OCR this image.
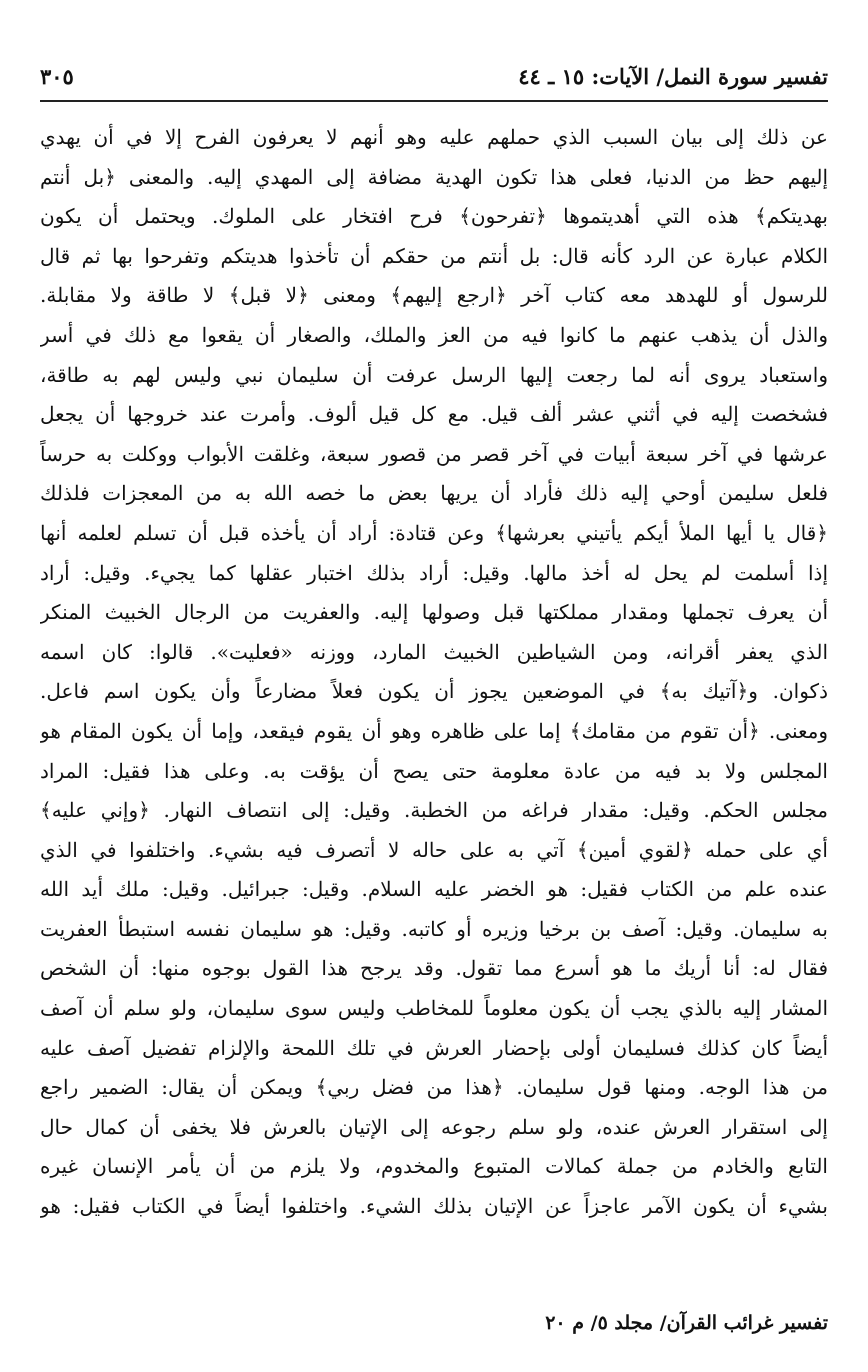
تفسير سورة النمل/ الآيات: ١٥ ـ ٤٤
٣٠٥
عن ذلك إلى بيان السبب الذي حملهم عليه وهو أنهم لا يعرفون الفرح إلا في أن يهدي
إليهم حظ من الدنيا، فعلى هذا تكون الهدية مضافة إلى المهدي إليه. والمعنى ﴿بل أنتم
بهديتكم﴾ هذه التي أهديتموها ﴿تفرحون﴾ فرح افتخار على الملوك. ويحتمل أن يكون
الكلام عبارة عن الرد كأنه قال: بل أنتم من حقكم أن تأخذوا هديتكم وتفرحوا بها ثم قال
للرسول أو للهدهد معه كتاب آخر ﴿ارجع إليهم﴾ ومعنى ﴿لا قبل﴾ لا طاقة ولا مقابلة.
والذل أن يذهب عنهم ما كانوا فيه من العز والملك، والصغار أن يقعوا مع ذلك في أسر
واستعباد يروى أنه لما رجعت إليها الرسل عرفت أن سليمان نبي وليس لهم به طاقة،
فشخصت إليه في أثني عشر ألف قيل. مع كل قيل ألوف. وأمرت عند خروجها أن يجعل
عرشها في آخر سبعة أبيات في آخر قصر من قصور سبعة، وغلقت الأبواب ووكلت به حرساً
فلعل سليمن أوحي إليه ذلك فأراد أن يريها بعض ما خصه الله به من المعجزات فلذلك
﴿قال يا أيها الملأ أيكم يأتيني بعرشها﴾ وعن قتادة: أراد أن يأخذه قبل أن تسلم لعلمه أنها
إذا أسلمت لم يحل له أخذ مالها. وقيل: أراد بذلك اختبار عقلها كما يجيء. وقيل: أراد
أن يعرف تجملها ومقدار مملكتها قبل وصولها إليه. والعفريت من الرجال الخبيث المنكر
الذي يعفر أقرانه، ومن الشياطين الخبيث المارد، ووزنه «فعليت». قالوا: كان اسمه
ذكوان. و﴿آتيك به﴾ في الموضعين يجوز أن يكون فعلاً مضارعاً وأن يكون اسم فاعل.
ومعنى. ﴿أن تقوم من مقامك﴾ إما على ظاهره وهو أن يقوم فيقعد، وإما أن يكون المقام هو
المجلس ولا بد فيه من عادة معلومة حتى يصح أن يؤقت به. وعلى هذا فقيل: المراد
مجلس الحكم. وقيل: مقدار فراغه من الخطبة. وقيل: إلى انتصاف النهار. ﴿وإني عليه﴾
أي على حمله ﴿لقوي أمين﴾ آتي به على حاله لا أتصرف فيه بشيء. واختلفوا في الذي
عنده علم من الكتاب فقيل: هو الخضر عليه السلام. وقيل: جبرائيل. وقيل: ملك أيد الله
به سليمان. وقيل: آصف بن برخيا وزيره أو كاتبه. وقيل: هو سليمان نفسه استبطأ العفريت
فقال له: أنا أريك ما هو أسرع مما تقول. وقد يرجح هذا القول بوجوه منها: أن الشخص
المشار إليه بالذي يجب أن يكون معلوماً للمخاطب وليس سوى سليمان، ولو سلم أن آصف
أيضاً كان كذلك فسليمان أولى بإحضار العرش في تلك اللمحة والإلزام تفضيل آصف عليه
من هذا الوجه. ومنها قول سليمان. ﴿هذا من فضل ربي﴾ ويمكن أن يقال: الضمير راجع
إلى استقرار العرش عنده، ولو سلم رجوعه إلى الإتيان بالعرش فلا يخفى أن كمال حال
التابع والخادم من جملة كمالات المتبوع والمخدوم، ولا يلزم من أن يأمر الإنسان غيره
بشيء أن يكون الآمر عاجزاً عن الإتيان بذلك الشيء. واختلفوا أيضاً في الكتاب فقيل: هو
تفسير غرائب القرآن/ مجلد ٥/ م ٢٠
